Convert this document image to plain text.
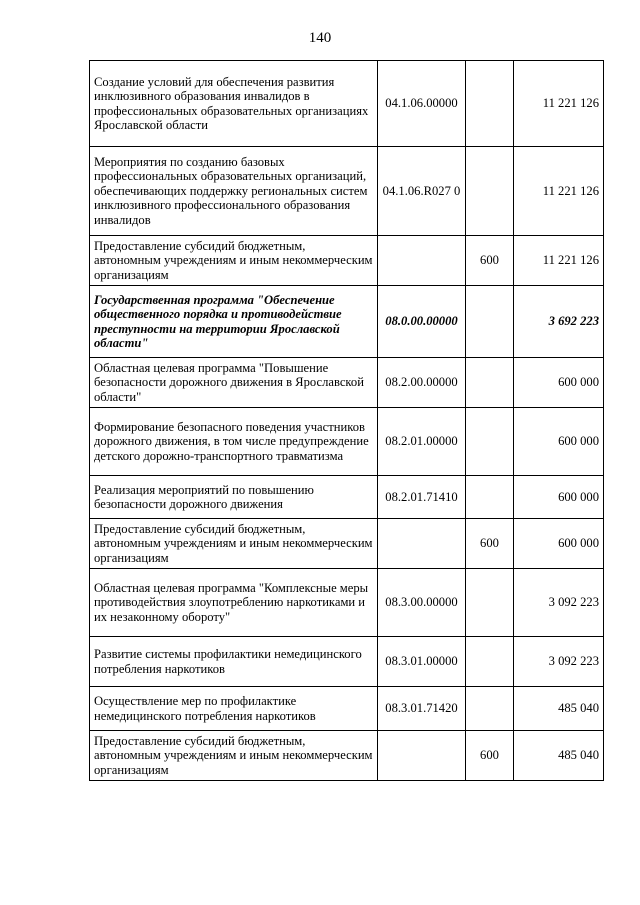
140
Создание условий для обеспечения развития инклюзивного образования инвалидов в профессиональных образовательных организациях Ярославской области	04.1.06.00000		11 221 126
Мероприятия по созданию базовых профессиональных образовательных организаций, обеспечивающих поддержку региональных систем инклюзивного профессионального образования инвалидов	04.1.06.R027 0		11 221 126
Предоставление субсидий бюджетным, автономным учреждениям и иным некоммерческим организациям		600	11 221 126
Государственная программа "Обеспечение общественного порядка и противодействие преступности на территории Ярославской области"	08.0.00.00000		3 692 223
Областная целевая программа "Повышение безопасности дорожного движения в Ярославской области"	08.2.00.00000		600 000
Формирование безопасного поведения участников дорожного движения, в том числе предупреждение детского дорожно-транспортного травматизма	08.2.01.00000		600 000
Реализация мероприятий по повышению безопасности дорожного движения	08.2.01.71410		600 000
Предоставление субсидий бюджетным, автономным учреждениям и иным некоммерческим организациям		600	600 000
Областная целевая программа "Комплексные меры противодействия злоупотреблению наркотиками и их незаконному обороту"	08.3.00.00000		3 092 223
Развитие системы профилактики немедицинского потребления наркотиков	08.3.01.00000		3 092 223
Осуществление мер по профилактике немедицинского потребления наркотиков	08.3.01.71420		485 040
Предоставление субсидий бюджетным, автономным учреждениям и иным некоммерческим организациям		600	485 040
